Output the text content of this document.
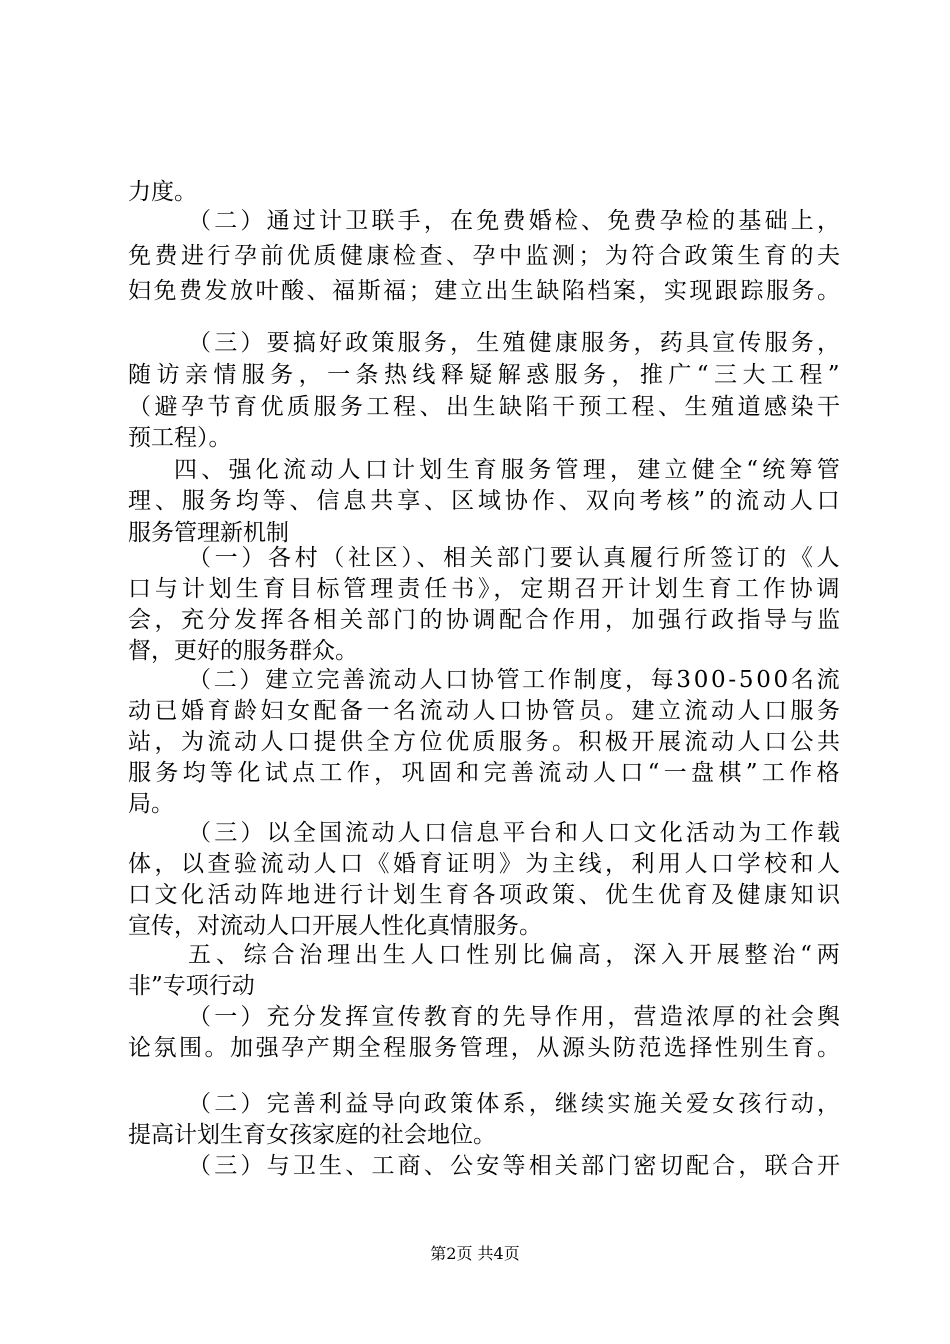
力度。
（二）通过计卫联手，在免费婚检、免费孕检的基础上，
免费进行孕前优质健康检查、孕中监测；为符合政策生育的夫
妇免费发放叶酸、福斯福；建立出生缺陷档案，实现跟踪服务。
（三）要搞好政策服务，生殖健康服务，药具宣传服务，
随访亲情服务，一条热线释疑解惑服务，推广“三大工程”
（避孕节育优质服务工程、出生缺陷干预工程、生殖道感染干
预工程）。
四、强化流动人口计划生育服务管理，建立健全“统筹管
理、服务均等、信息共享、区域协作、双向考核”的流动人口
服务管理新机制
（一）各村（社区）、相关部门要认真履行所签订的《人
口与计划生育目标管理责任书》，定期召开计划生育工作协调
会，充分发挥各相关部门的协调配合作用，加强行政指导与监
督，更好的服务群众。
（二）建立完善流动人口协管工作制度，每300-500名流
动已婚育龄妇女配备一名流动人口协管员。建立流动人口服务
站，为流动人口提供全方位优质服务。积极开展流动人口公共
服务均等化试点工作，巩固和完善流动人口“一盘棋”工作格
局。
（三）以全国流动人口信息平台和人口文化活动为工作载
体，以查验流动人口《婚育证明》为主线，利用人口学校和人
口文化活动阵地进行计划生育各项政策、优生优育及健康知识
宣传，对流动人口开展人性化真情服务。
五、综合治理出生人口性别比偏高，深入开展整治“两
非”专项行动
（一）充分发挥宣传教育的先导作用，营造浓厚的社会舆
论氛围。加强孕产期全程服务管理，从源头防范选择性别生育。
（二）完善利益导向政策体系，继续实施关爱女孩行动，
提高计划生育女孩家庭的社会地位。
（三）与卫生、工商、公安等相关部门密切配合，联合开
第2页 共4页
